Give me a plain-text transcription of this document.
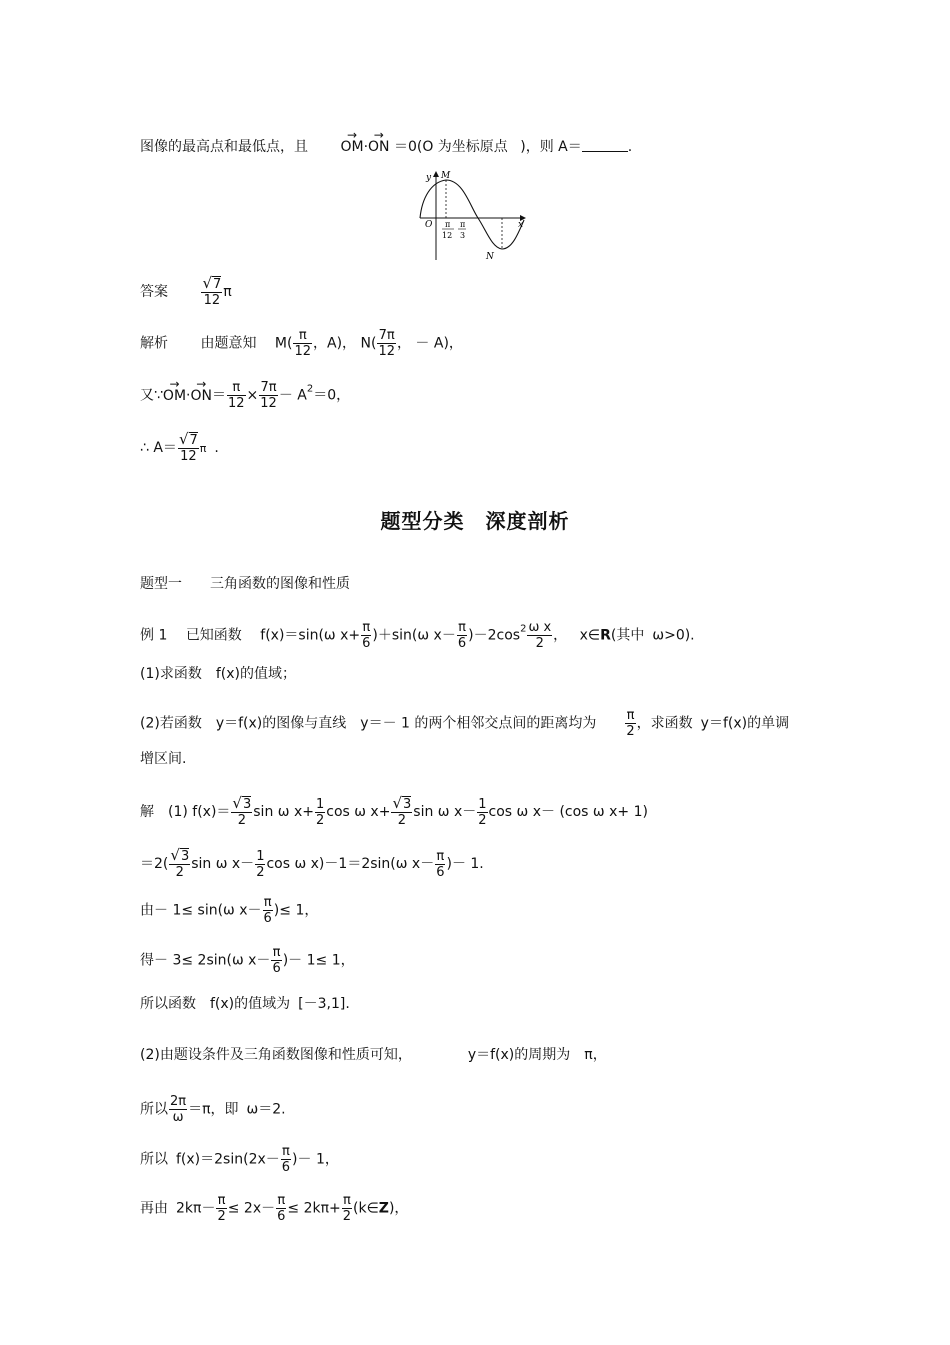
图像的最高点和最低点，且 → OM·→ ON ＝0(O 为坐标原点 )，则 A＝	.
y M
O	x
N
π
12
π
3
答案 $\frac{√7}{12}$ π
解析 由题意知 $M( \frac{\pi}{12}$ ，A)， $N( \frac{7\pi}{12}$ ， － A)，
又∵→ $OM\cdot\to ON= \frac{\pi}{12} \times \frac{7\pi}{12} - A^2=0$，
∴ $A= \frac{√7}{12}$ π .
题型分类　深度剖析
题型一 三角函数的图像和性质
例 1 已知函数 f(x)＝sin(ω $x+ \frac{\pi}{6} )+\sin(\omega$ $x- \frac{\pi}{6} )-2\cos^2 \frac{\text{ω x}}{2}$ ， x∈R(其中 ω>0).
(1)求函数 f(x)的值域；
(2)若函数 y＝f(x)的图像与直线 y＝－ 1 的两个相邻交点间的距离均为 $\frac{\pi}{2}$ ，求函数 y＝f(x)的单调
增区间.
解 (1) $f(x)= \frac{√3}{2}$ sin ω $x+ \frac{1}{2}$ cos ω $x+ \frac{√3}{2}$ sin ω $x- \frac{1}{2}$ cos ω x－ (cos ω x+ 1)
$=2( \frac{√3}{2}$ sin ω $x- \frac{1}{2}$ cos ω x)－1＝2sin(ω $x- \frac{\pi}{6}$ )－ 1.
由－ 1≤ sin(ω $x- \frac{\pi}{6}$ )≤ 1，
得－ 3≤ 2sin(ω $x- \frac{\pi}{6}$ )－ 1≤ 1，
所以函数 f(x)的值域为 [－3,1].
(2)由题设条件及三角函数图像和性质可知，	y＝f(x)的周期为 π，
所以 $\frac{2\pi}{\omega} =\pi$，即 ω＝2.
所以 $f(x)=2\sin(2x- \frac{\pi}{6}$ )－ 1，
再由 $2k\pi- \frac{\pi}{2} \le 2x- \frac{\pi}{6} \le 2k\pi+ \frac{\pi}{2}$ (k∈Z)，
